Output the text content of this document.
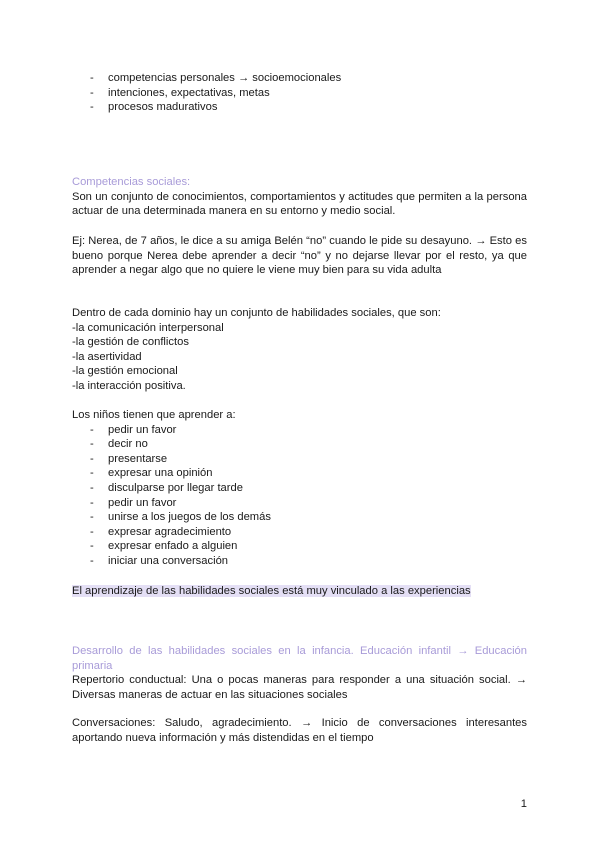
- competencias personales → socioemocionales
- intenciones, expectativas, metas
- procesos madurativos

Competencias sociales:

Son un conjunto de conocimientos, comportamientos y actitudes que permiten a la persona actuar de una determinada manera en su entorno y medio social.

Ej: Nerea, de 7 años, le dice a su amiga Belén “no” cuando le pide su desayuno. → Esto es bueno porque Nerea debe aprender a decir “no” y no dejarse llevar por el resto, ya que aprender a negar algo que no quiere le viene muy bien para su vida adulta

Dentro de cada dominio hay un conjunto de habilidades sociales, que son:

-la comunicación interpersonal

-la gestión de conflictos

-la asertividad

-la gestión emocional

-la interacción positiva.

Los niños tienen que aprender a:

- pedir un favor
- decir no
- presentarse
- expresar una opinión
- disculparse por llegar tarde
- pedir un favor
- unirse a los juegos de los demás
- expresar agradecimiento
- expresar enfado a alguien
- iniciar una conversación

El aprendizaje de las habilidades sociales está muy vinculado a las experiencias

Desarrollo de las habilidades sociales en la infancia. Educación infantil → Educación primaria

Repertorio conductual: Una o pocas maneras para responder a una situación social. → Diversas maneras de actuar en las situaciones sociales

Conversaciones: Saludo, agradecimiento. → Inicio de conversaciones interesantes aportando nueva información y más distendidas en el tiempo

1
